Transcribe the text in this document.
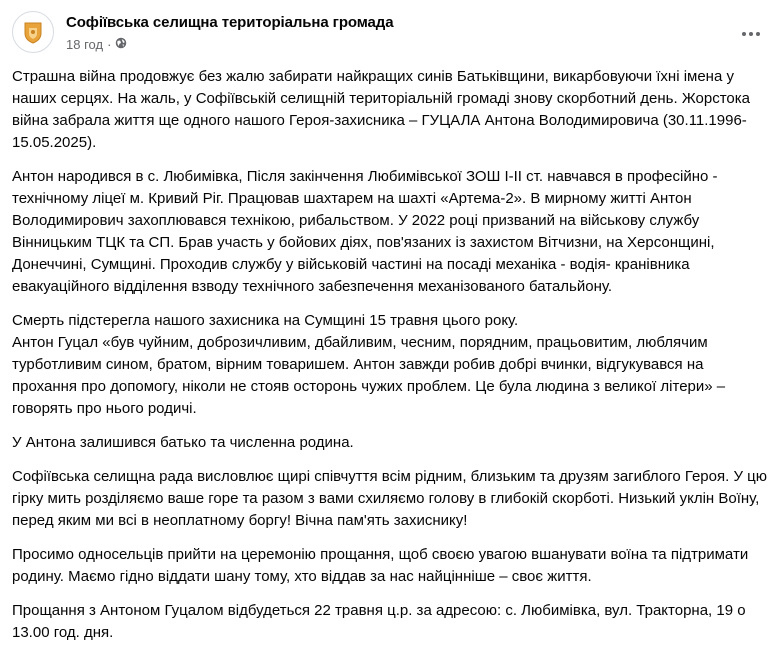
Софіївська селищна територіальна громада
18 год ·

Страшна війна продовжує без жалю забирати найкращих синів Батьківщини, викарбовуючи їхні імена у наших серцях. На жаль, у Софіївській селищній територіальній громаді знову скорботний день. Жорстока війна забрала життя ще одного нашого Героя-захисника – ГУЦАЛА Антона Володимировича (30.11.1996-15.05.2025).

Антон народився в с. Любимівка, Після закінчення Любимівської ЗОШ І-ІІ ст. навчався в професійно - технічному ліцеї м. Кривий Ріг. Працював шахтарем на шахті «Артема-2». В мирному житті Антон Володимирович захоплювався технікою, рибальством. У 2022 році призваний на військову службу Вінницьким ТЦК та СП. Брав участь у бойових діях, пов'язаних із захистом Вітчизни, на Херсонщині, Донеччині, Сумщині. Проходив службу у військовій частині на посаді механіка - водія- кранівника евакуаційного відділення взводу технічного забезпечення механізованого батальйону.

Смерть підстерегла нашого захисника на Сумщині 15 травня цього року.
Антон Гуцал «був чуйним, доброзичливим, дбайливим, чесним, порядним, працьовитим, люблячим турботливим сином, братом, вірним товаришем. Антон завжди робив добрі вчинки, відгукувався на прохання про допомогу, ніколи не стояв осторонь чужих проблем. Це була людина з великої літери» – говорять про нього родичі.

У Антона залишився батько та численна родина.

Софіївська селищна рада висловлює щирі співчуття всім рідним, близьким та друзям загиблого Героя. У цю гірку мить розділяємо ваше горе та разом з вами схиляємо голову в глибокій скорботі. Низький уклін Воїну, перед яким ми всі в неоплатному боргу! Вічна пам'ять захиснику!

Просимо односельців прийти на церемонію прощання, щоб своєю увагою вшанувати воїна та підтримати родину. Маємо гідно віддати шану тому, хто віддав за нас найцінніше – своє життя.

Прощання з Антоном Гуцалом відбудеться 22 травня ц.р. за адресою: с. Любимівка, вул. Тракторна, 19 о 13.00 год. дня.
